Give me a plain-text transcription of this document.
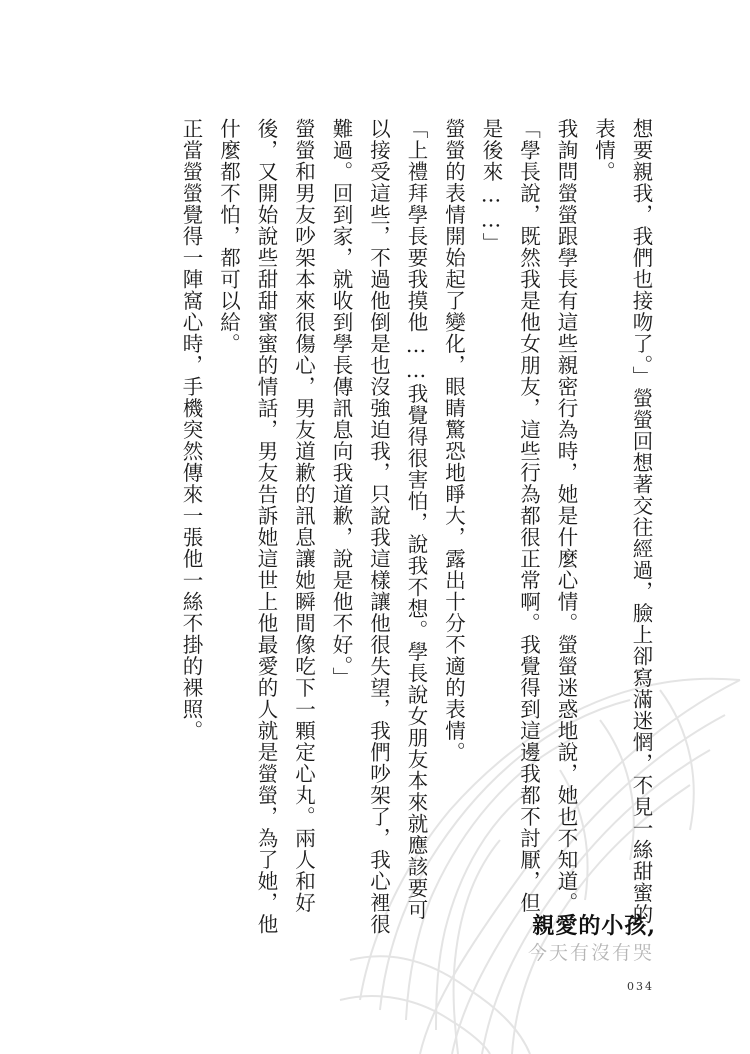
想要親我，我們也接吻了。」螢螢回想著交往經過，臉上卻寫滿迷惘，不見一絲甜蜜的
表情。
我詢問螢螢跟學長有這些親密行為時，她是什麼心情。螢螢迷惑地說，她也不知道。
「學長說，既然我是他女朋友，這些行為都很正常啊。我覺得到這邊我都不討厭，但
是後來……」
螢螢的表情開始起了變化，眼睛驚恐地睜大，露出十分不適的表情。
「上禮拜學長要我摸他……我覺得很害怕，說我不想。學長說女朋友本來就應該要可
以接受這些，不過他倒是也沒強迫我，只說我這樣讓他很失望，我們吵架了，我心裡很
難過。回到家，就收到學長傳訊息向我道歉，說是他不好。」
螢螢和男友吵架本來很傷心，男友道歉的訊息讓她瞬間像吃下一顆定心丸。兩人和好
後，又開始說些甜甜蜜蜜的情話，男友告訴她這世上他最愛的人就是螢螢，為了她，他
什麼都不怕，都可以給。
正當螢螢覺得一陣窩心時，手機突然傳來一張他一絲不掛的裸照。
親愛的小孩,
今天有沒有哭
034
